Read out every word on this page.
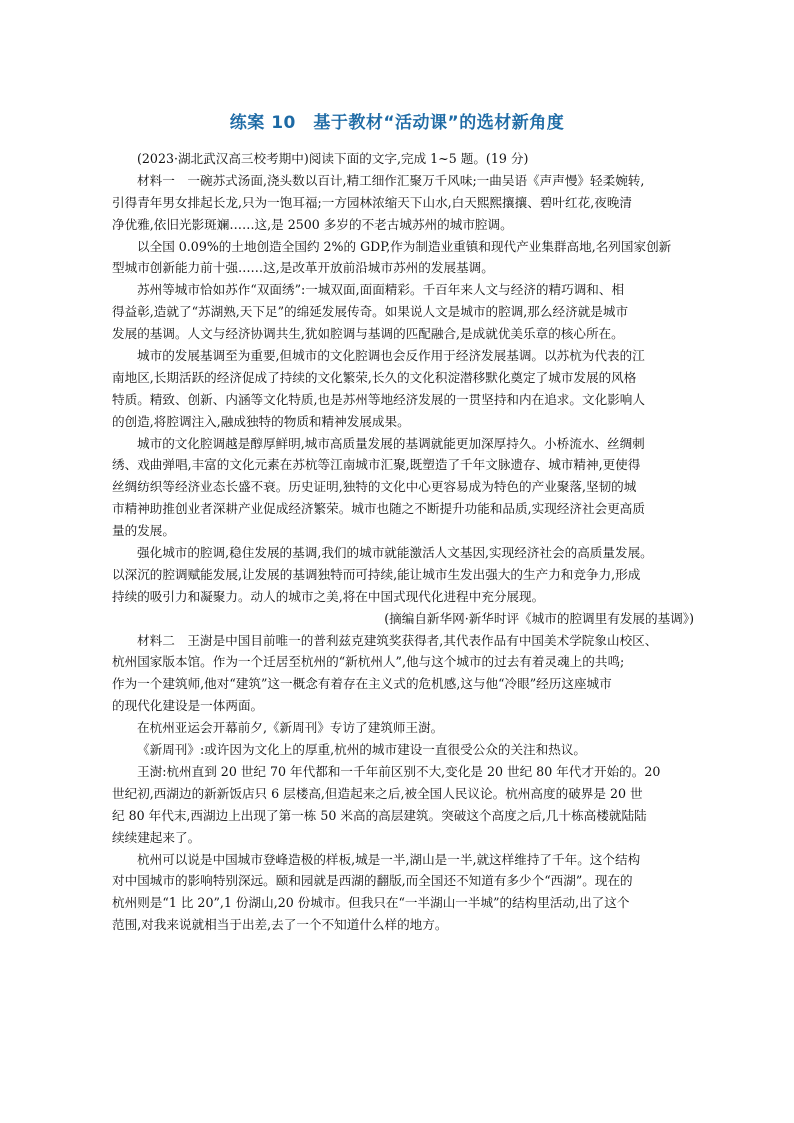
练案 10　基于教材“活动课”的选材新角度
(2023·湖北武汉高三校考期中)阅读下面的文字,完成 1~5 题。(19 分)
材料一　一碗苏式汤面,浇头数以百计,精工细作汇聚万千风味;一曲吴语《声声慢》轻柔婉转,
引得青年男女排起长龙,只为一饱耳福;一方园林浓缩天下山水,白天熙熙攘攘、碧叶红花,夜晚清
净优雅,依旧光影斑斓……这,是 2500 多岁的不老古城苏州的城市腔调。
以全国 0.09%的土地创造全国约 2%的 GDP,作为制造业重镇和现代产业集群高地,名列国家创新
型城市创新能力前十强……这,是改革开放前沿城市苏州的发展基调。
苏州等城市恰如苏作“双面绣”:一城双面,面面精彩。千百年来人文与经济的精巧调和、相
得益彰,造就了“苏湖熟,天下足”的绵延发展传奇。如果说人文是城市的腔调,那么经济就是城市
发展的基调。人文与经济协调共生,犹如腔调与基调的匹配融合,是成就优美乐章的核心所在。
城市的发展基调至为重要,但城市的文化腔调也会反作用于经济发展基调。以苏杭为代表的江
南地区,长期活跃的经济促成了持续的文化繁荣,长久的文化积淀潜移默化奠定了城市发展的风格
特质。精致、创新、内涵等文化特质,也是苏州等地经济发展的一贯坚持和内在追求。文化影响人
的创造,将腔调注入,融成独特的物质和精神发展成果。
城市的文化腔调越是醇厚鲜明,城市高质量发展的基调就能更加深厚持久。小桥流水、丝绸刺
绣、戏曲弹唱,丰富的文化元素在苏杭等江南城市汇聚,既塑造了千年文脉遗存、城市精神,更使得
丝绸纺织等经济业态长盛不衰。历史证明,独特的文化中心更容易成为特色的产业聚落,坚韧的城
市精神助推创业者深耕产业促成经济繁荣。城市也随之不断提升功能和品质,实现经济社会更高质
量的发展。
强化城市的腔调,稳住发展的基调,我们的城市就能激活人文基因,实现经济社会的高质量发展。
以深沉的腔调赋能发展,让发展的基调独特而可持续,能让城市生发出强大的生产力和竞争力,形成
持续的吸引力和凝聚力。动人的城市之美,将在中国式现代化进程中充分展现。
(摘编自新华网·新华时评《城市的腔调里有发展的基调》)
材料二　王澍是中国目前唯一的普利兹克建筑奖获得者,其代表作品有中国美术学院象山校区、
杭州国家版本馆。作为一个迁居至杭州的“新杭州人”,他与这个城市的过去有着灵魂上的共鸣;
作为一个建筑师,他对“建筑”这一概念有着存在主义式的危机感,这与他“冷眼”经历这座城市
的现代化建设是一体两面。
在杭州亚运会开幕前夕,《新周刊》专访了建筑师王澍。
《新周刊》:或许因为文化上的厚重,杭州的城市建设一直很受公众的关注和热议。
王澍:杭州直到 20 世纪 70 年代都和一千年前区别不大,变化是 20 世纪 80 年代才开始的。20
世纪初,西湖边的新新饭店只 6 层楼高,但造起来之后,被全国人民议论。杭州高度的破界是 20 世
纪 80 年代末,西湖边上出现了第一栋 50 米高的高层建筑。突破这个高度之后,几十栋高楼就陆陆
续续建起来了。
杭州可以说是中国城市登峰造极的样板,城是一半,湖山是一半,就这样维持了千年。这个结构
对中国城市的影响特别深远。颐和园就是西湖的翻版,而全国还不知道有多少个“西湖”。现在的
杭州则是“1 比 20”,1 份湖山,20 份城市。但我只在“一半湖山一半城”的结构里活动,出了这个
范围,对我来说就相当于出差,去了一个不知道什么样的地方。
